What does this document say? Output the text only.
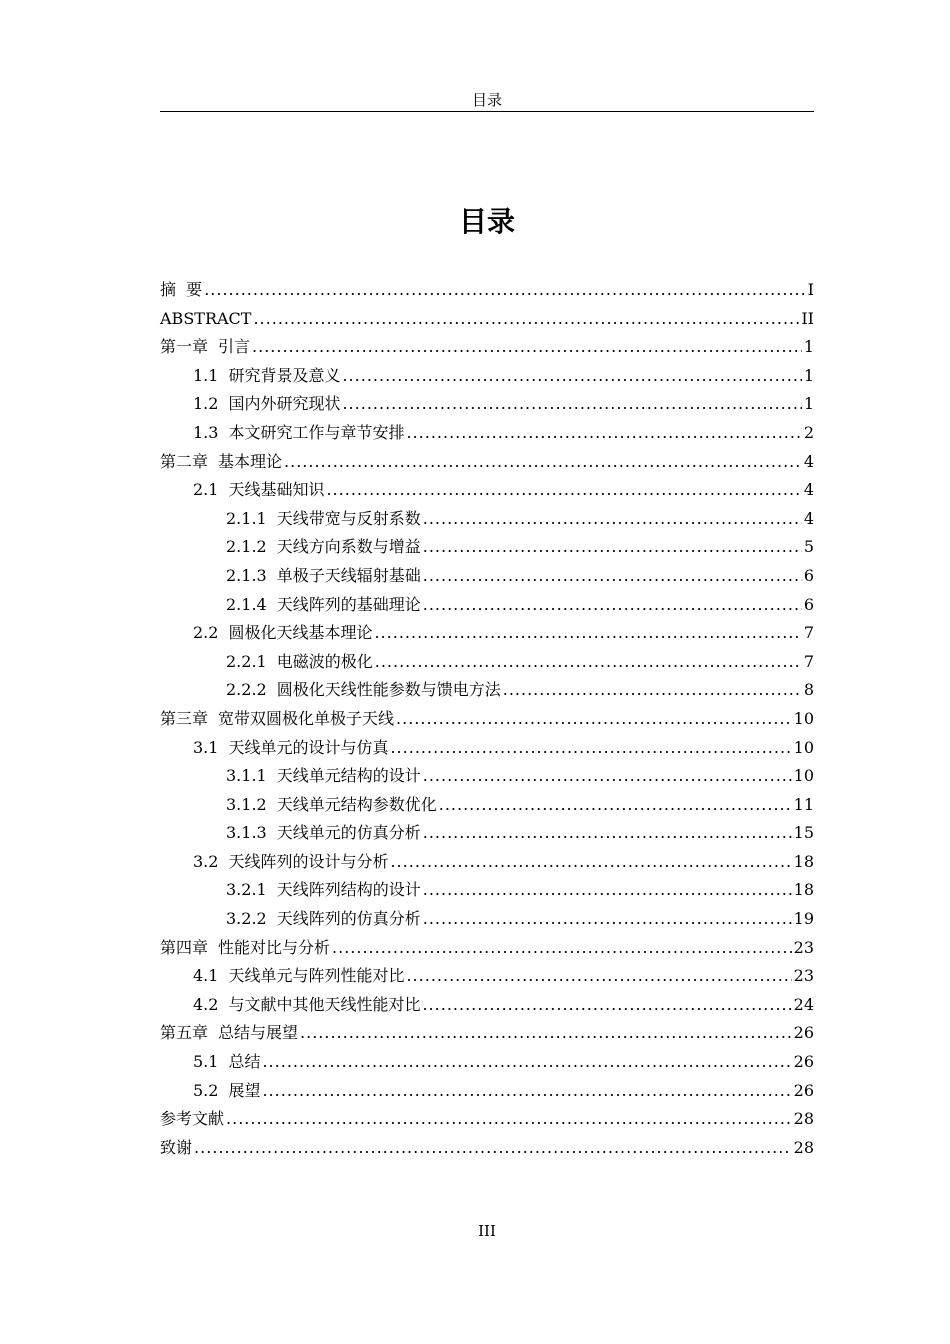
目录
目录
摘  要 .....	I
ABSTRACT .....	II
第一章 引言 .....	1
1.1 研究背景及意义 .....	1
1.2 国内外研究现状 .....	1
1.3 本文研究工作与章节安排 .....	2
第二章 基本理论 .....	4
2.1 天线基础知识 .....	4
2.1.1 天线带宽与反射系数 .....	4
2.1.2 天线方向系数与增益 .....	5
2.1.3 单极子天线辐射基础 .....	6
2.1.4 天线阵列的基础理论 .....	6
2.2 圆极化天线基本理论 .....	7
2.2.1 电磁波的极化 .....	7
2.2.2 圆极化天线性能参数与馈电方法 .....	8
第三章 宽带双圆极化单极子天线 .....	10
3.1 天线单元的设计与仿真 .....	10
3.1.1 天线单元结构的设计 .....	10
3.1.2 天线单元结构参数优化 .....	11
3.1.3 天线单元的仿真分析 .....	15
3.2 天线阵列的设计与分析 .....	18
3.2.1 天线阵列结构的设计 .....	18
3.2.2 天线阵列的仿真分析 .....	19
第四章 性能对比与分析 .....	23
4.1 天线单元与阵列性能对比 .....	23
4.2 与文献中其他天线性能对比 .....	24
第五章 总结与展望 .....	26
5.1 总结 .....	26
5.2 展望 .....	26
参考文献 .....	28
致谢 .....	28
III
